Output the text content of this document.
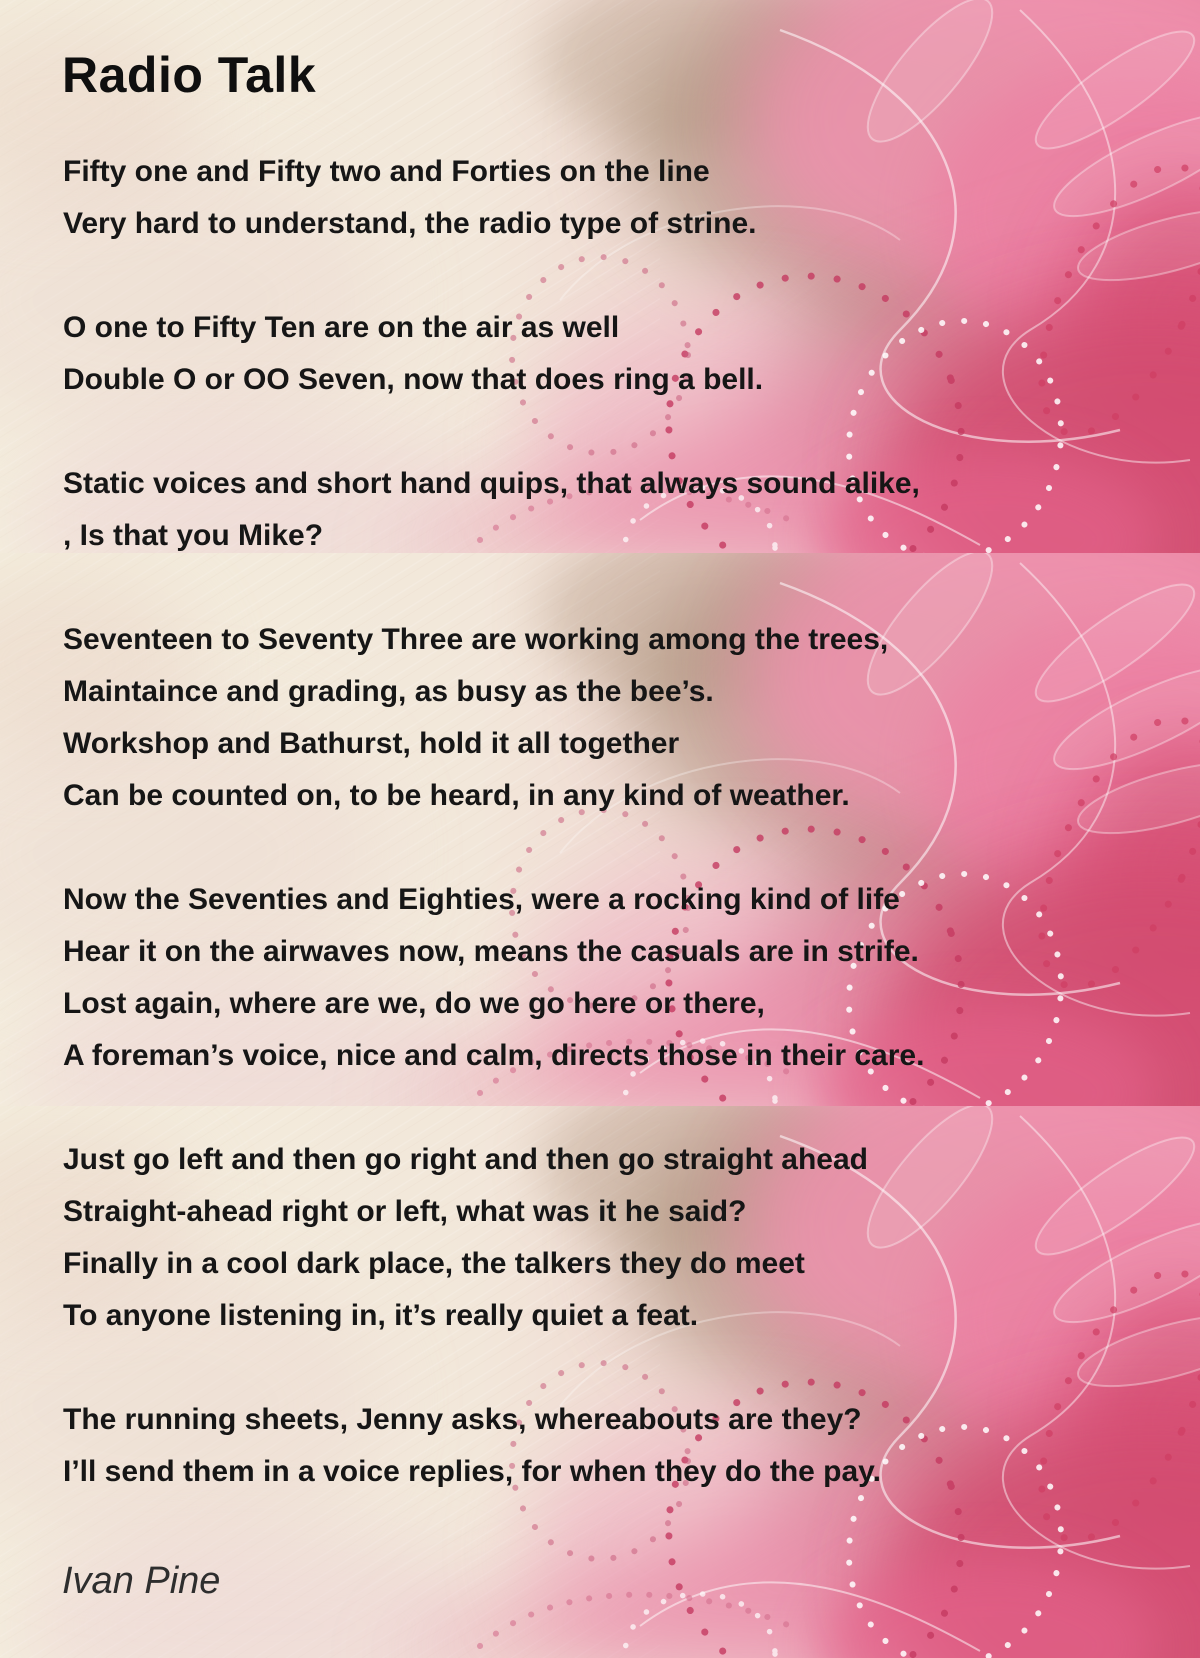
Radio Talk

Fifty one and Fifty two and Forties on the line

Very hard to understand, the radio type of strine.

O one to Fifty Ten are on the air as well

Double O or OO Seven, now that does ring a bell.

Static voices and short hand quips, that always sound alike,

, Is that you Mike?

Seventeen to Seventy Three are working among the trees,

Maintaince and grading, as busy as the bee’s.

Workshop and Bathurst, hold it all together

Can be counted on, to be heard, in any kind of weather.

Now the Seventies and Eighties, were a rocking kind of life

Hear it on the airwaves now, means the casuals are in strife.

Lost again, where are we, do we go here or there,

A foreman’s voice, nice and calm, directs those in their care.

Just go left and then go right and then go straight ahead

Straight-ahead right or left, what was it he said?

Finally in a cool dark place, the talkers they do meet

To anyone listening in, it’s really quiet a feat.

The running sheets, Jenny asks, whereabouts are they?

I’ll send them in a voice replies, for when they do the pay.

Ivan Pine
